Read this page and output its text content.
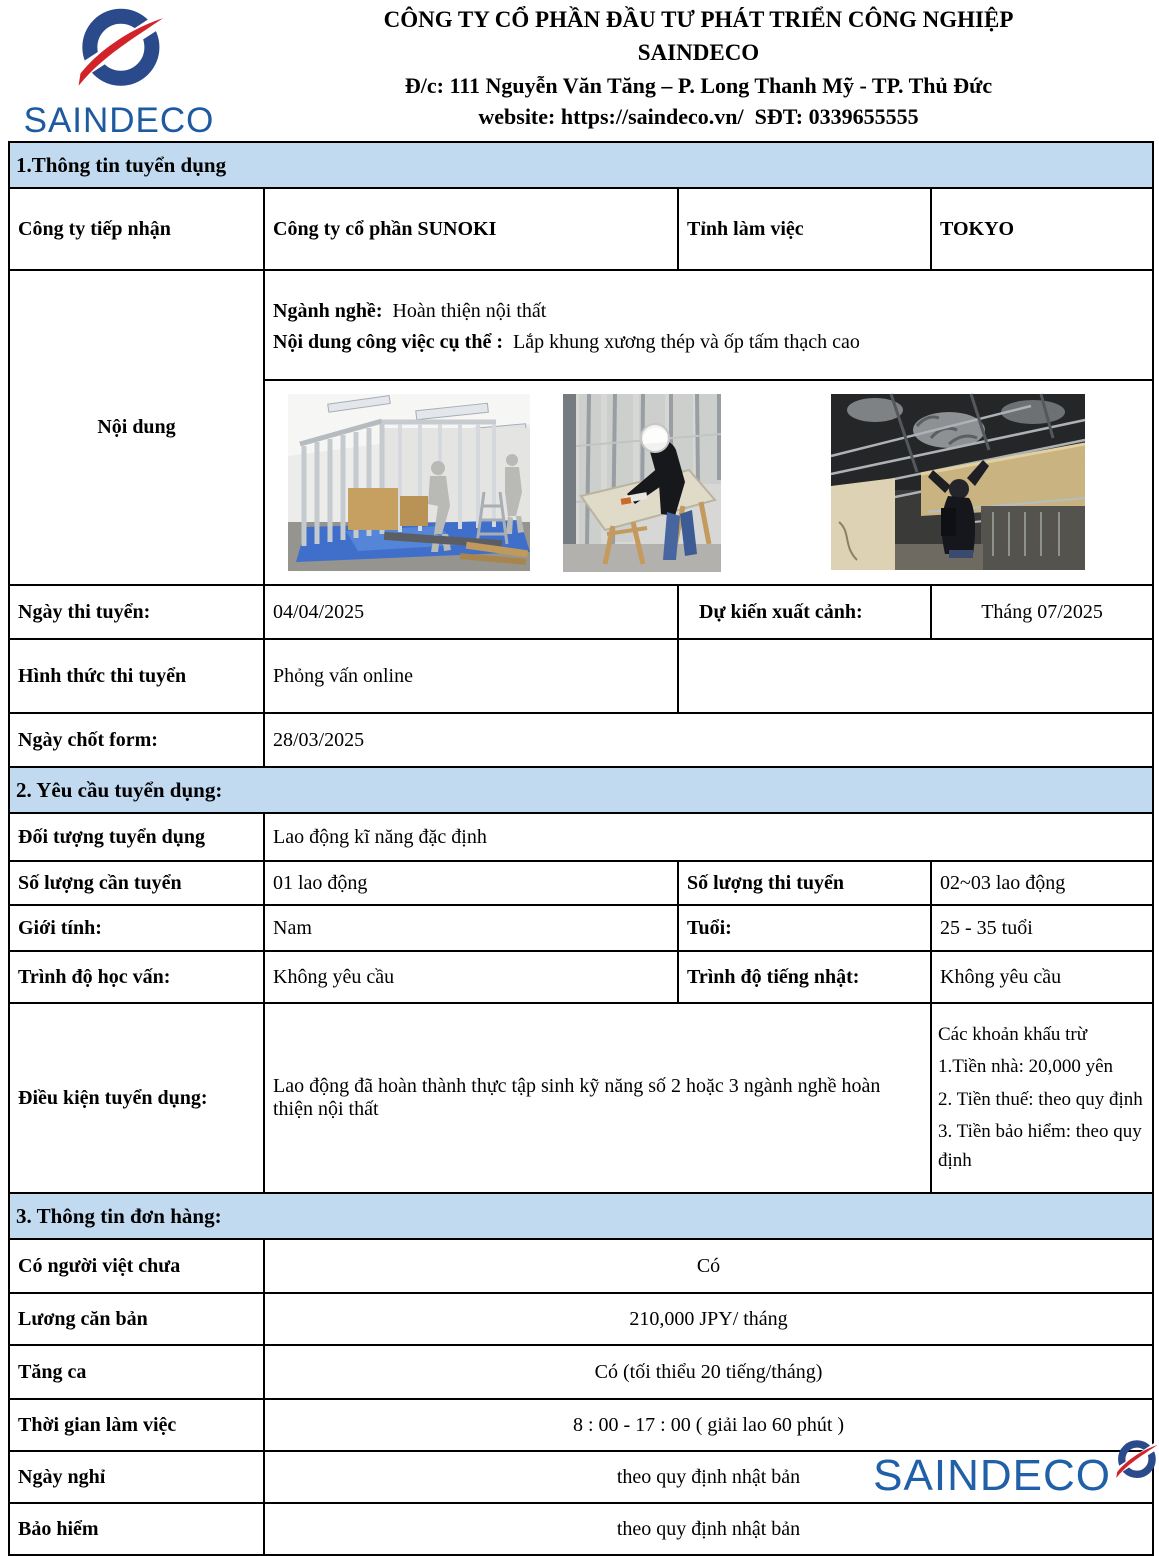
SAINDECO
CÔNG TY CỔ PHẦN ĐẦU TƯ PHÁT TRIỂN CÔNG NGHIỆP
SAINDECO
Đ/c: 111 Nguyễn Văn Tăng – P. Long Thanh Mỹ - TP. Thủ Đức
website: https://saindeco.vn/  SĐT: 0339655555
1.Thông tin tuyển dụng			
Công ty tiếp nhận	Công ty cổ phần SUNOKI	Tỉnh làm việc	TOKYO
Nội dung	Ngành nghề:  Hoàn thiện nội thất
Nội dung công việc cụ thể :  Lắp khung xương thép và ốp tấm thạch cao		

Ngày thi tuyển:	04/04/2025	Dự kiến xuất cảnh:	Tháng 07/2025
Hình thức thi tuyển	Phỏng vấn online		
Ngày chốt form:	28/03/2025		
2. Yêu cầu tuyển dụng:			
Đối tượng tuyển dụng	Lao động kĩ năng đặc định		
Số lượng cần tuyển	01 lao động	Số lượng thi tuyển	02~03 lao động
Giới tính:	Nam	Tuổi:	25 - 35 tuổi
Trình độ học vấn:	Không yêu cầu	Trình độ tiếng nhật:	Không yêu cầu
Điều kiện tuyển dụng:	Lao động đã hoàn thành thực tập sinh kỹ năng số 2 hoặc 3 ngành nghề hoàn thiện nội thất		Các khoản khấu trừ
1.Tiền nhà: 20,000 yên
2. Tiền thuế: theo quy định
3. Tiền bảo hiểm: theo quy định

3. Thông tin đơn hàng:			
Có người việt chưa	Có		
Lương căn bản	210,000 JPY/ tháng		
Tăng ca	Có (tối thiểu 20 tiếng/tháng)		
Thời gian làm việc	8 : 00 - 17 : 00 ( giải lao 60 phút )		
Ngày nghỉ	theo quy định nhật bản		
Bảo hiểm	theo quy định nhật bản		
SAINDECO
